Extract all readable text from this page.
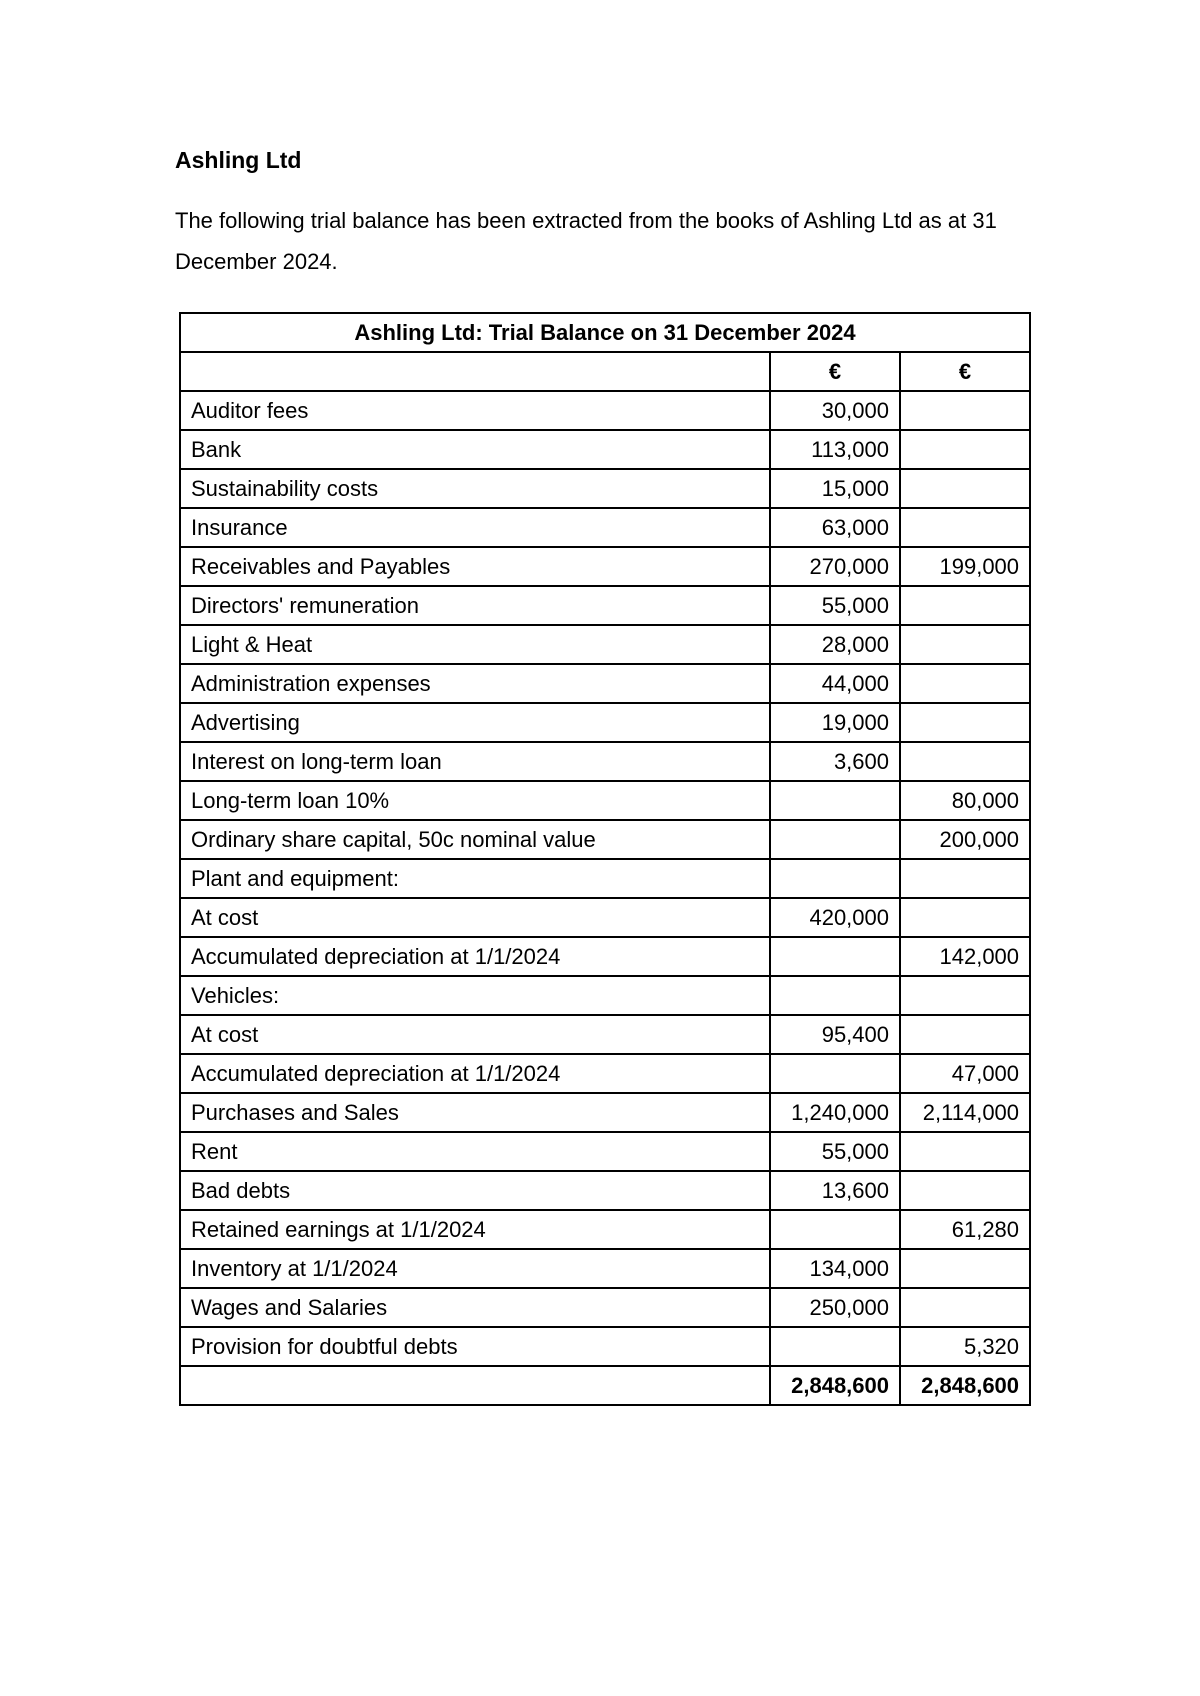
Ashling Ltd

The following trial balance has been extracted from the books of Ashling Ltd as at 31 December 2024.

Ashling Ltd: Trial Balance on 31 December 2024		
	€	€
Auditor fees	30,000	
Bank	113,000	
Sustainability costs	15,000	
Insurance	63,000	
Receivables and Payables	270,000	199,000
Directors' remuneration	55,000	
Light & Heat	28,000	
Administration expenses	44,000	
Advertising	19,000	
Interest on long-term loan	3,600	
Long-term loan 10%		80,000
Ordinary share capital, 50c nominal value		200,000
Plant and equipment:		
At cost	420,000	
Accumulated depreciation at 1/1/2024		142,000
Vehicles:		
At cost	95,400	
Accumulated depreciation at 1/1/2024		47,000
Purchases and Sales	1,240,000	2,114,000
Rent	55,000	
Bad debts	13,600	
Retained earnings at 1/1/2024		61,280
Inventory at 1/1/2024	134,000	
Wages and Salaries	250,000	
Provision for doubtful debts		5,320
	2,848,600	2,848,600
